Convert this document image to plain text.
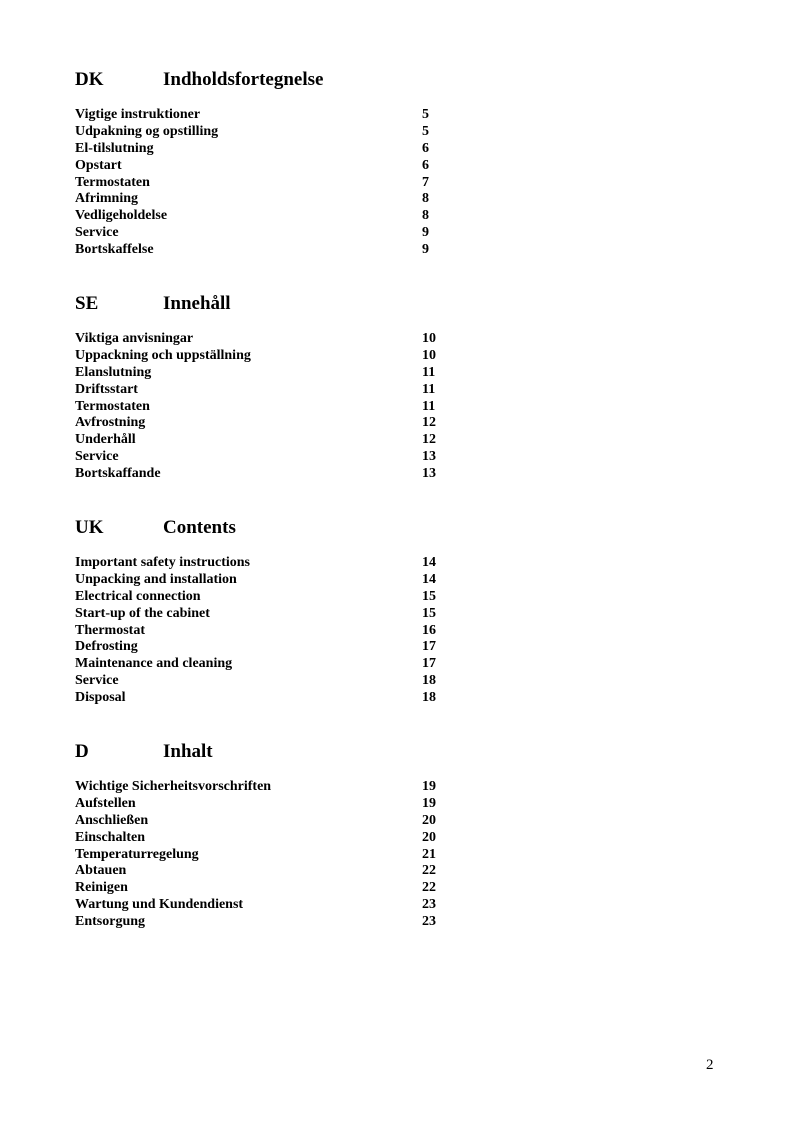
DK	Indholdsfortegnelse
Vigtige instruktioner	5
Udpakning og opstilling	5
El-tilslutning	6
Opstart	6
Termostaten	7
Afrimning	8
Vedligeholdelse	8
Service	9
Bortskaffelse	9
SE	Innehåll
Viktiga anvisningar	10
Uppackning och uppställning	10
Elanslutning	11
Driftsstart	11
Termostaten	11
Avfrostning	12
Underhåll	12
Service	13
Bortskaffande	13
UK	Contents
Important safety instructions	14
Unpacking and installation	14
Electrical connection	15
Start-up of the cabinet	15
Thermostat	16
Defrosting	17
Maintenance and cleaning	17
Service	18
Disposal	18
D	Inhalt
Wichtige Sicherheitsvorschriften	19
Aufstellen	19
Anschließen	20
Einschalten	20
Temperaturregelung	21
Abtauen	22
Reinigen	22
Wartung und Kundendienst	23
Entsorgung	23
2
